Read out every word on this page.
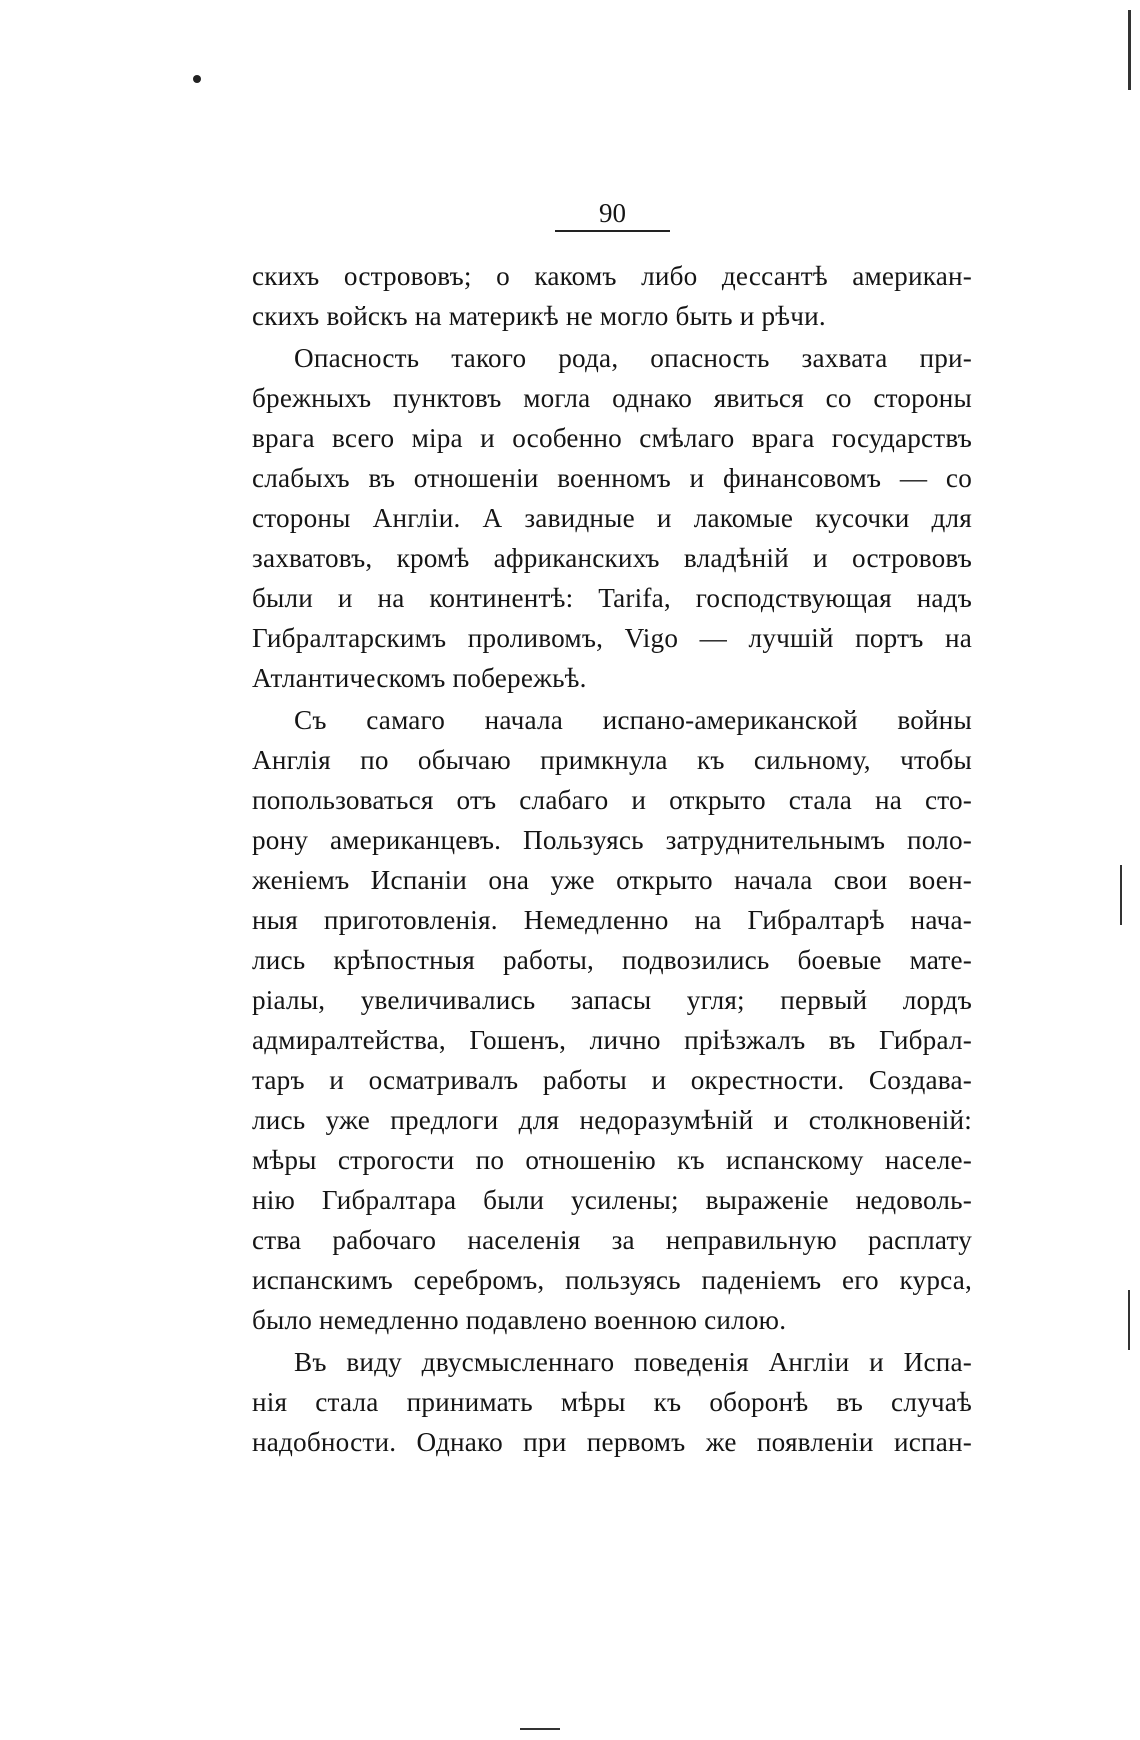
90
скихъ острововъ; о какомъ либо дессантѣ американ-
скихъ войскъ на материкѣ не могло быть и рѣчи.
Опасность такого рода, опасность захвата при-
брежныхъ пунктовъ могла однако явиться со стороны
врага всего міра и особенно смѣлаго врага государствъ
слабыхъ въ отношеніи военномъ и финансовомъ — со
стороны Англіи. А завидные и лакомые кусочки для
захватовъ, кромѣ африканскихъ владѣній и острововъ
были и на континентѣ: Tarifa, господствующая надъ
Гибралтарскимъ проливомъ, Vigo — лучшій портъ на
Атлантическомъ побережьѣ.
Съ самаго начала испано-американской войны
Англія по обычаю примкнула къ сильному, чтобы
попользоваться отъ слабаго и открыто стала на сто-
рону американцевъ. Пользуясь затруднительнымъ поло-
женіемъ Испаніи она уже открыто начала свои воен-
ныя приготовленія. Немедленно на Гибралтарѣ нача-
лись крѣпостныя работы, подвозились боевые мате-
ріалы, увеличивались запасы угля; первый лордъ
адмиралтейства, Гошенъ, лично пріѣзжалъ въ Гибрал-
таръ и осматривалъ работы и окрестности. Создава-
лись уже предлоги для недоразумѣній и столкновеній:
мѣры строгости по отношенію къ испанскому населе-
нію Гибралтара были усилены; выраженіе недоволь-
ства рабочаго населенія за неправильную расплату
испанскимъ серебромъ, пользуясь паденіемъ его курса,
было немедленно подавлено военною силою.
Въ виду двусмысленнаго поведенія Англіи и Испа-
нія стала принимать мѣры къ оборонѣ въ случаѣ
надобности. Однако при первомъ же появленіи испан-
